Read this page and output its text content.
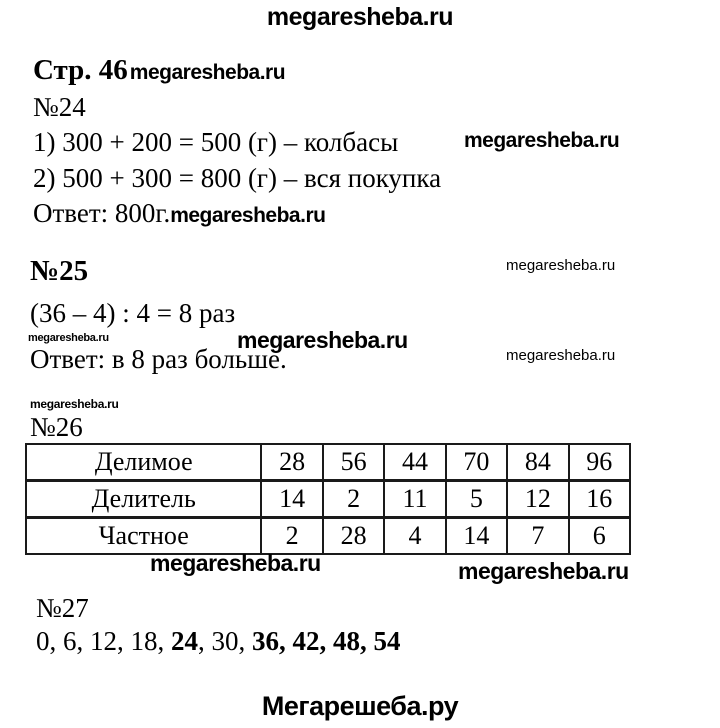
megaresheba.ru
Стр. 46megaresheba.ru
№24
1) 300 + 200 = 500 (г) – колбасы	megaresheba.ru
2) 500 + 300 = 800 (г) – вся покупка
Ответ: 800г.megaresheba.ru
№25	megaresheba.ru
(36 – 4) : 4 = 8 раз
megaresheba.ru	megaresheba.ru
Ответ: в 8 раз больше.	megaresheba.ru
megaresheba.ru
№26
Делимое	28	56	44	70	84	96
Делитель	14	2	11	5	12	16
Частное	2	28	4	14	7	6
megaresheba.ru	megaresheba.ru
№27
0, 6, 12, 18, 24, 30, 36, 42, 48, 54
Мегарешеба.ру
